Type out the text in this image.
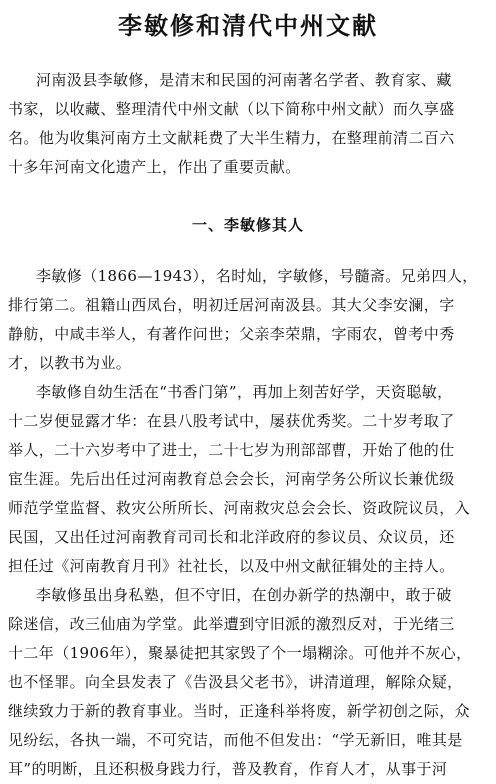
李敏修和清代中州文献
河南汲县李敏修，是清末和民国的河南著名学者、教育家、藏
书家，以收藏、整理清代中州文献（以下简称中州文献）而久享盛
名。他为收集河南方土文献耗费了大半生精力，在整理前清二百六
十多年河南文化遗产上，作出了重要贡献。
一、李敏修其人
李敏修（1866—1943），名时灿，字敏修，号髓斋。兄弟四人，
排行第二。祖籍山西凤台，明初迁居河南汲县。其大父李安澜，字
静舫，中咸丰举人，有著作问世；父亲李荣鼎，字雨农，曾考中秀
才，以教书为业。
李敏修自幼生活在“书香门第”，再加上刻苦好学，天资聪敏，
十二岁便显露才华：在县八股考试中，屡获优秀奖。二十岁考取了
举人，二十六岁考中了进士，二十七岁为刑部部曹，开始了他的仕
宦生涯。先后出任过河南教育总会会长，河南学务公所议长兼优级
师范学堂监督、救灾公所所长、河南救灾总会会长、资政院议员，入
民国，又出任过河南教育司司长和北洋政府的参议员、众议员，还
担任过《河南教育月刊》社社长，以及中州文献征辑处的主持人。
李敏修虽出身私塾，但不守旧，在创办新学的热潮中，敢于破
除迷信，改三仙庙为学堂。此举遭到守旧派的激烈反对，于光绪三
十二年（1906年），聚暴徒把其家毁了个一塌糊涂。可他并不灰心，
也不怪罪。向全县发表了《告汲县父老书》，讲清道理，解除众疑，
继续致力于新的教育事业。当时，正逢科举将废，新学初创之际，众
见纷纭，各执一端，不可究诘，而他不但发出：“学无新旧，唯其是
耳”的明断，且还积极身践力行，普及教育，作育人才，从事于河
